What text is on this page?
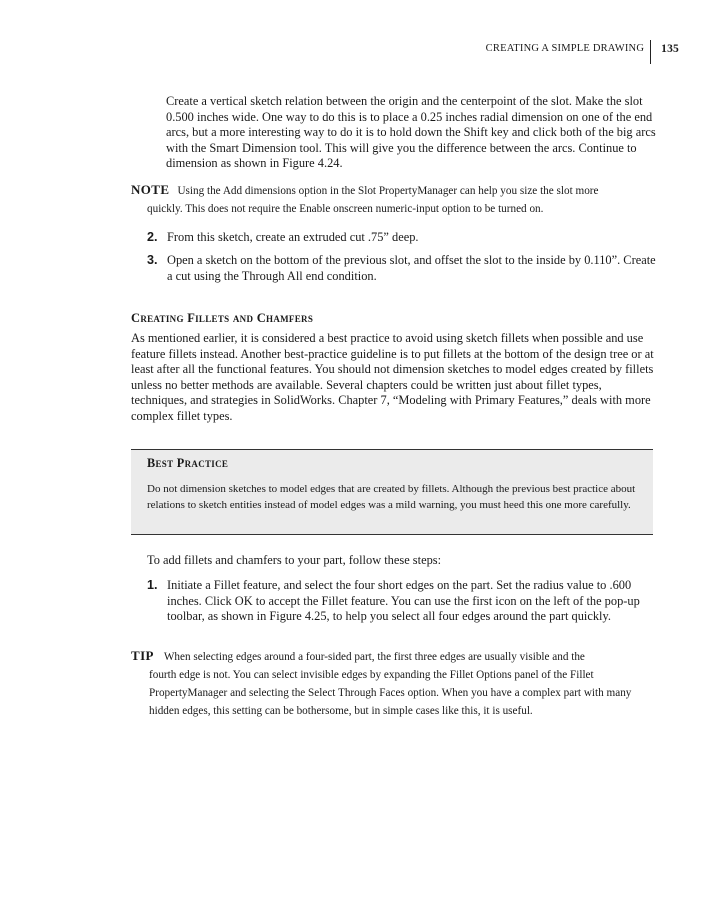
CREATING A SIMPLE DRAWING	135

Create a vertical sketch relation between the origin and the centerpoint of the slot. Make the slot 0.500 inches wide. One way to do this is to place a 0.25 inches radial dimension on one of the end arcs, but a more interesting way to do it is to hold down the Shift key and click both of the big arcs with the Smart Dimension tool. This will give you the difference between the arcs. Continue to dimension as shown in Figure 4.24.

NOTE Using the Add dimensions option in the Slot PropertyManager can help you size the slot more
quickly. This does not require the Enable onscreen numeric-input option to be turned on.
2. From this sketch, create an extruded cut .75” deep.
3. Open a sketch on the bottom of the previous slot, and offset the slot to the inside by 0.110”. Create a cut using the Through All end condition.
Creating Fillets and Chamfers

As mentioned earlier, it is considered a best practice to avoid using sketch fillets when possible and use feature fillets instead. Another best-practice guideline is to put fillets at the bottom of the design tree or at least after all the functional features. You should not dimension sketches to model edges created by fillets unless no better methods are available. Several chapters could be written just about fillet types, techniques, and strategies in SolidWorks. Chapter 7, “Modeling with Primary Features,” deals with more complex fillet types.

Best Practice
Do not dimension sketches to model edges that are created by fillets. Although the previous best practice about relations to sketch entities instead of model edges was a mild warning, you must heed this one more carefully.

To add fillets and chamfers to your part, follow these steps:

1. Initiate a Fillet feature, and select the four short edges on the part. Set the radius value to .600 inches. Click OK to accept the Fillet feature. You can use the first icon on the left of the pop-up toolbar, as shown in Figure 4.25, to help you select all four edges around the part quickly.
TIP When selecting edges around a four-sided part, the first three edges are usually visible and the
fourth edge is not. You can select invisible edges by expanding the Fillet Options panel of the Fillet PropertyManager and selecting the Select Through Faces option. When you have a complex part with many hidden edges, this setting can be bothersome, but in simple cases like this, it is useful.
